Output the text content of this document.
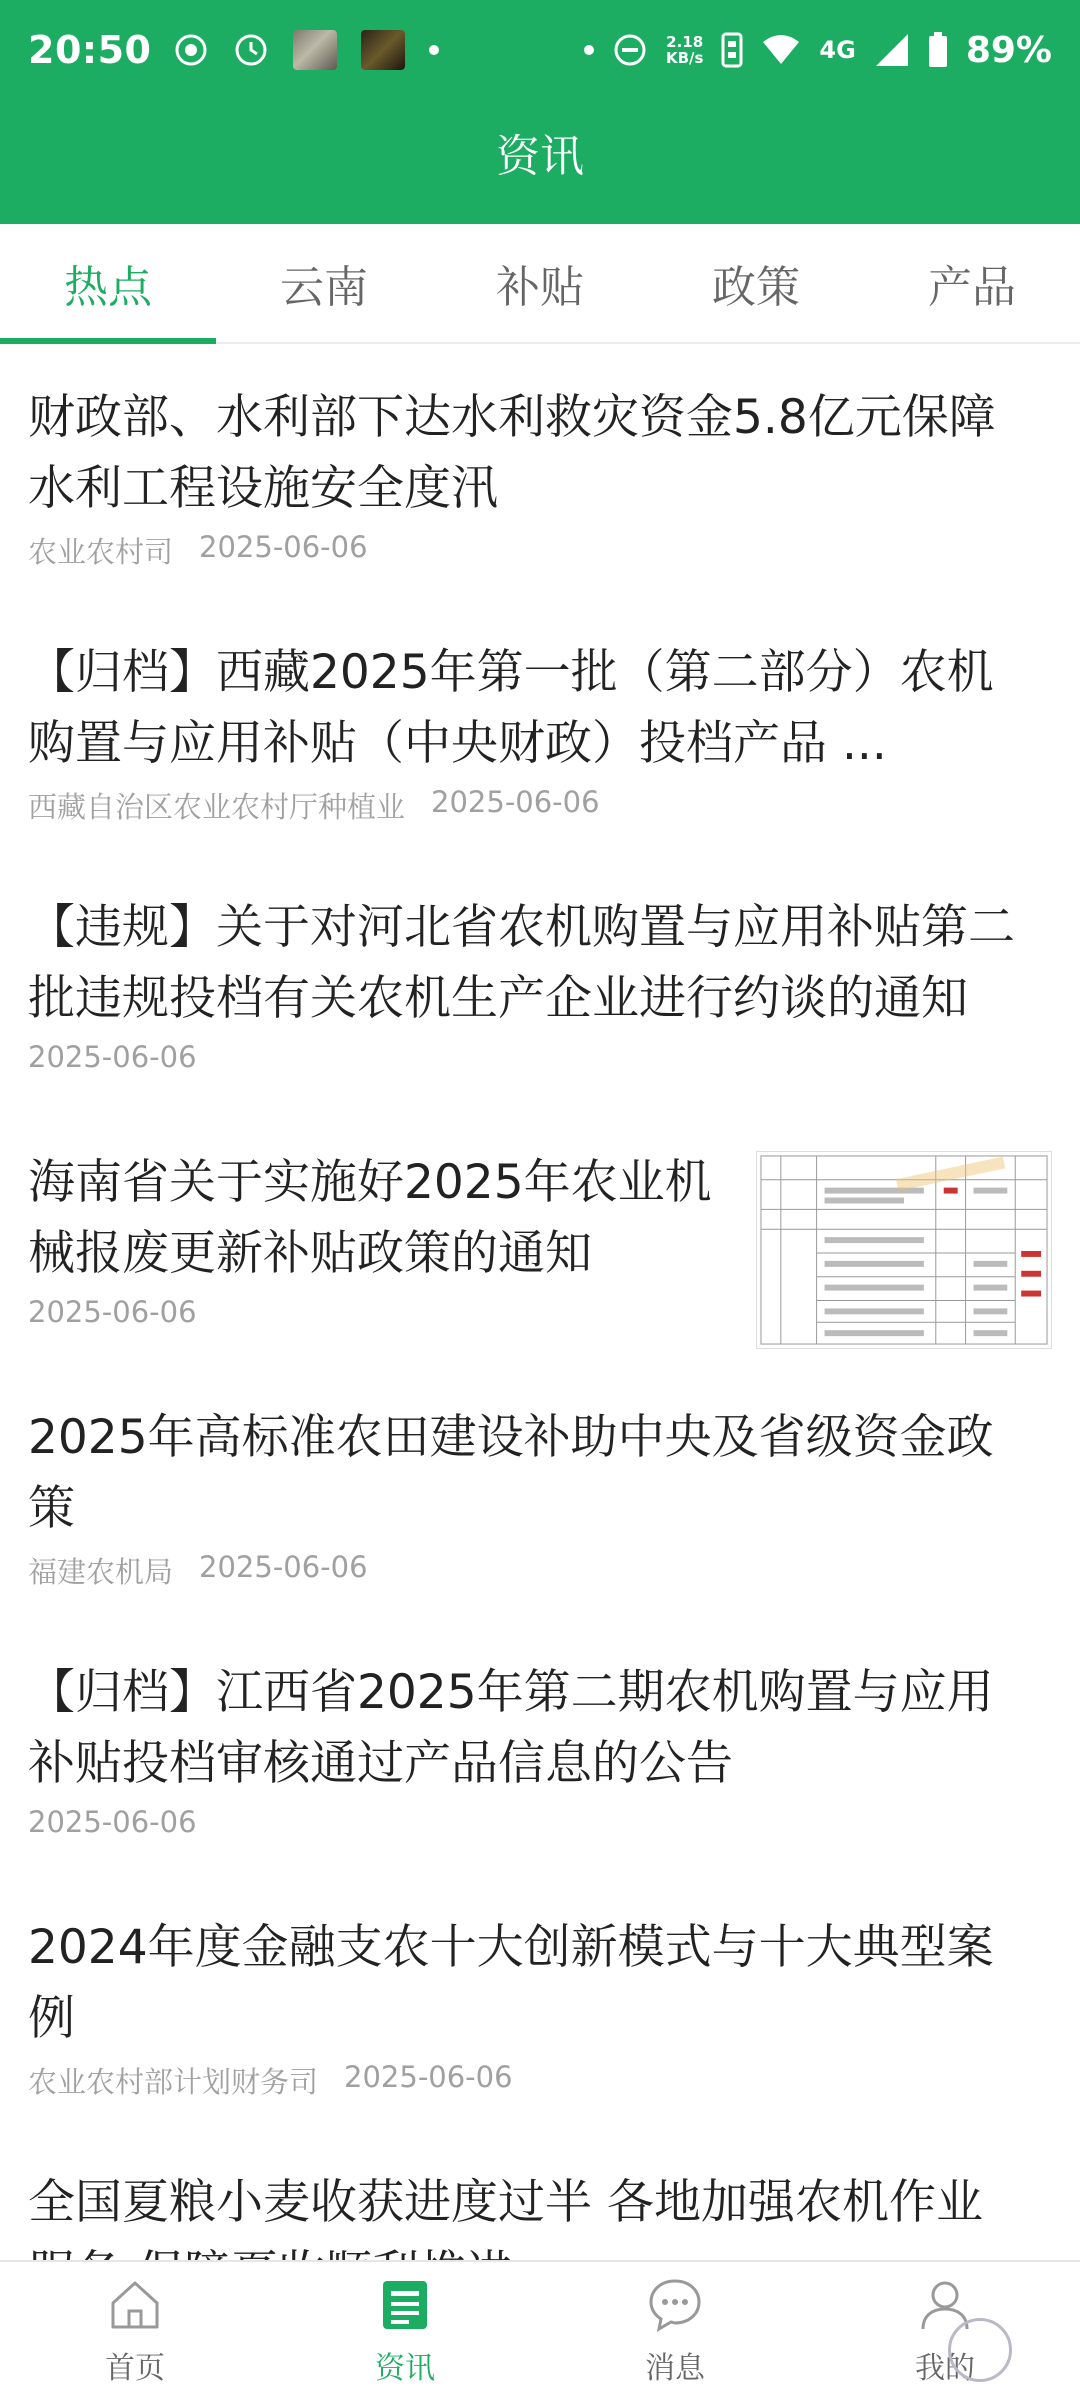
20:50	2.18
KB/s	4G	89%
资讯
热点	云南	补贴	政策	产品
财政部、水利部下达水利救灾资金5.8亿元保障水利工程设施安全度汛
农业农村司 2025-06-06
【归档】西藏2025年第一批（第二部分）农机 购置与应用补贴（中央财政）投档产品 ...
西藏自治区农业农村厅种植业 2025-06-06
【违规】关于对河北省农机购置与应用补贴第二批违规投档有关农机生产企业进行约谈的通知
2025-06-06
海南省关于实施好2025年农业机械报废更新补贴政策的通知
2025-06-06
2025年高标准农田建设补助中央及省级资金政策
福建农机局 2025-06-06
【归档】江西省2025年第二期农机购置与应用补贴投档审核通过产品信息的公告
2025-06-06
2024年度金融支农十大创新模式与十大典型案例
农业农村部计划财务司 2025-06-06
全国夏粮小麦收获进度过半 各地加强农机作业
首页	资讯	消息	我的
